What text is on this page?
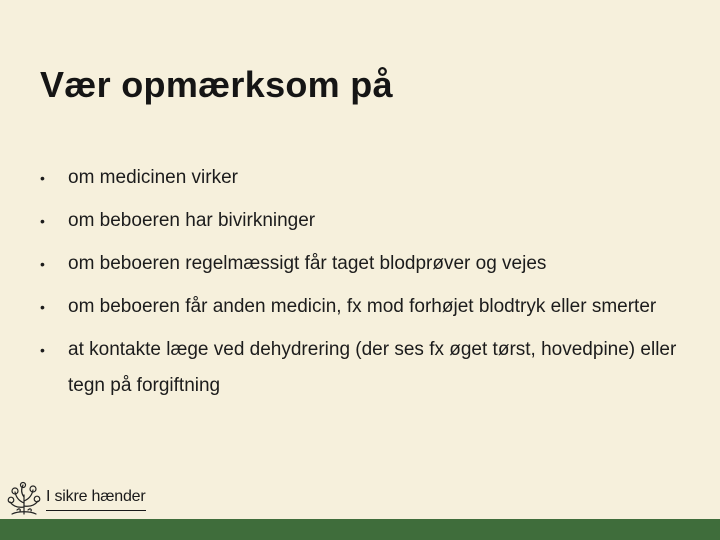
Vær opmærksom på
• om medicinen virker
• om beboeren har bivirkninger
• om beboeren regelmæssigt får taget blodprøver og vejes
• om beboeren får anden medicin, fx mod forhøjet blodtryk eller smerter
• at kontakte læge ved dehydrering (der ses fx øget tørst, hovedpine) eller tegn på forgiftning
I sikre hænder
